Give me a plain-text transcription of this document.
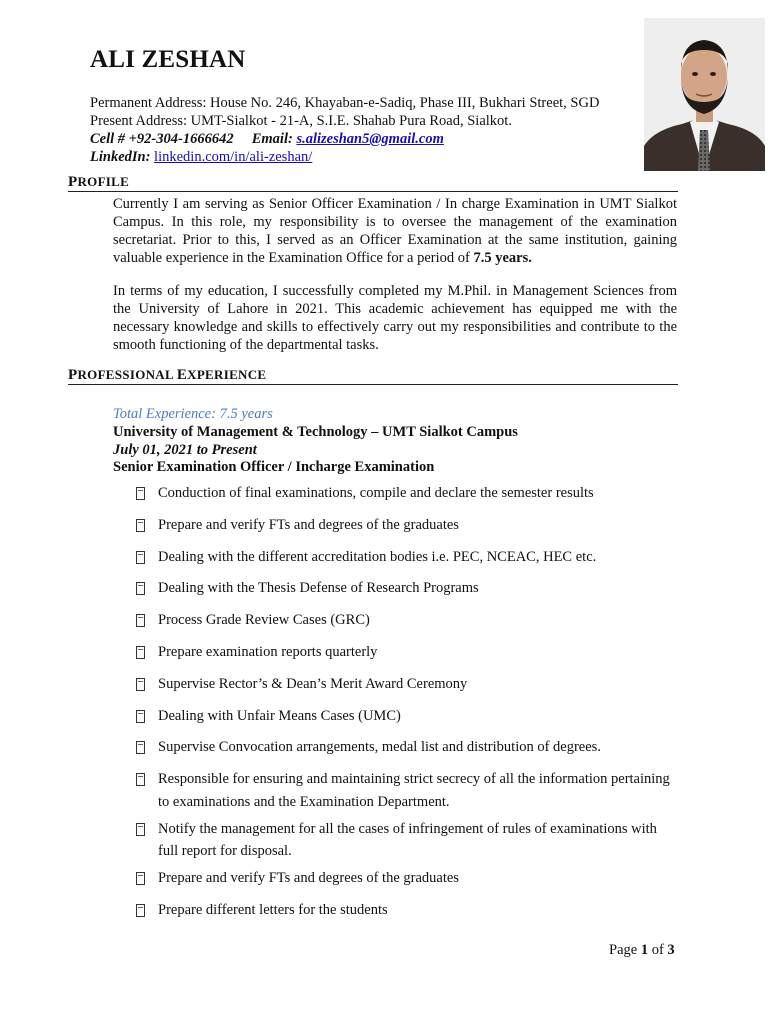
ALI ZESHAN
Permanent Address: House No. 246, Khayaban-e-Sadiq, Phase III, Bukhari Street, SGD
Present Address: UMT-Sialkot - 21-A, S.I.E. Shahab Pura Road, Sialkot.
Cell # +92-304-1666642 Email: s.alizeshan5@gmail.com
LinkedIn: linkedin.com/in/ali-zeshan/
PROFILE
Currently I am serving as Senior Officer Examination / In charge Examination in UMT Sialkot Campus. In this role, my responsibility is to oversee the management of the examination secretariat. Prior to this, I served as an Officer Examination at the same institution, gaining valuable experience in the Examination Office for a period of 7.5 years.
In terms of my education, I successfully completed my M.Phil. in Management Sciences from the University of Lahore in 2021. This academic achievement has equipped me with the necessary knowledge and skills to effectively carry out my responsibilities and contribute to the smooth functioning of the departmental tasks.
PROFESSIONAL EXPERIENCE
Total Experience: 7.5 years
University of Management & Technology – UMT Sialkot Campus
July 01, 2021 to Present
Senior Examination Officer / Incharge Examination
Conduction of final examinations, compile and declare the semester results
Prepare and verify FTs and degrees of the graduates
Dealing with the different accreditation bodies i.e. PEC, NCEAC, HEC etc.
Dealing with the Thesis Defense of Research Programs
Process Grade Review Cases (GRC)
Prepare examination reports quarterly
Supervise Rector’s & Dean’s Merit Award Ceremony
Dealing with Unfair Means Cases (UMC)
Supervise Convocation arrangements, medal list and distribution of degrees.
Responsible for ensuring and maintaining strict secrecy of all the information pertaining to examinations and the Examination Department.
Notify the management for all the cases of infringement of rules of examinations with full report for disposal.
Prepare and verify FTs and degrees of the graduates
Prepare different letters for the students
Page 1 of 3
